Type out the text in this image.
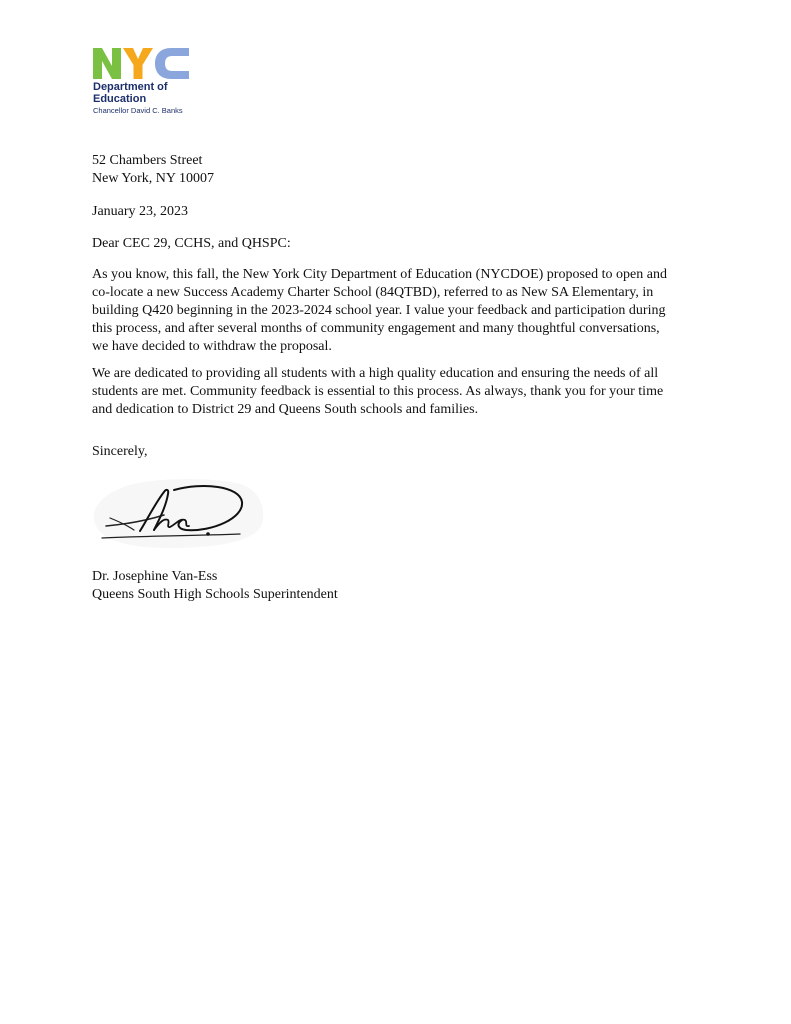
Department of
Education
Chancellor David C. Banks

52 Chambers Street
New York, NY 10007

January 23, 2023

Dear CEC 29, CCHS, and QHSPC:

As you know, this fall, the New York City Department of Education (NYCDOE) proposed to open and
co-locate a new Success Academy Charter School (84QTBD), referred to as New SA Elementary, in
building Q420 beginning in the 2023-2024 school year. I value your feedback and participation during
this process, and after several months of community engagement and many thoughtful conversations,
we have decided to withdraw the proposal.

We are dedicated to providing all students with a high quality education and ensuring the needs of all
students are met. Community feedback is essential to this process. As always, thank you for your time
and dedication to District 29 and Queens South schools and families.

Sincerely,

Dr. Josephine Van-Ess
Queens South High Schools Superintendent
